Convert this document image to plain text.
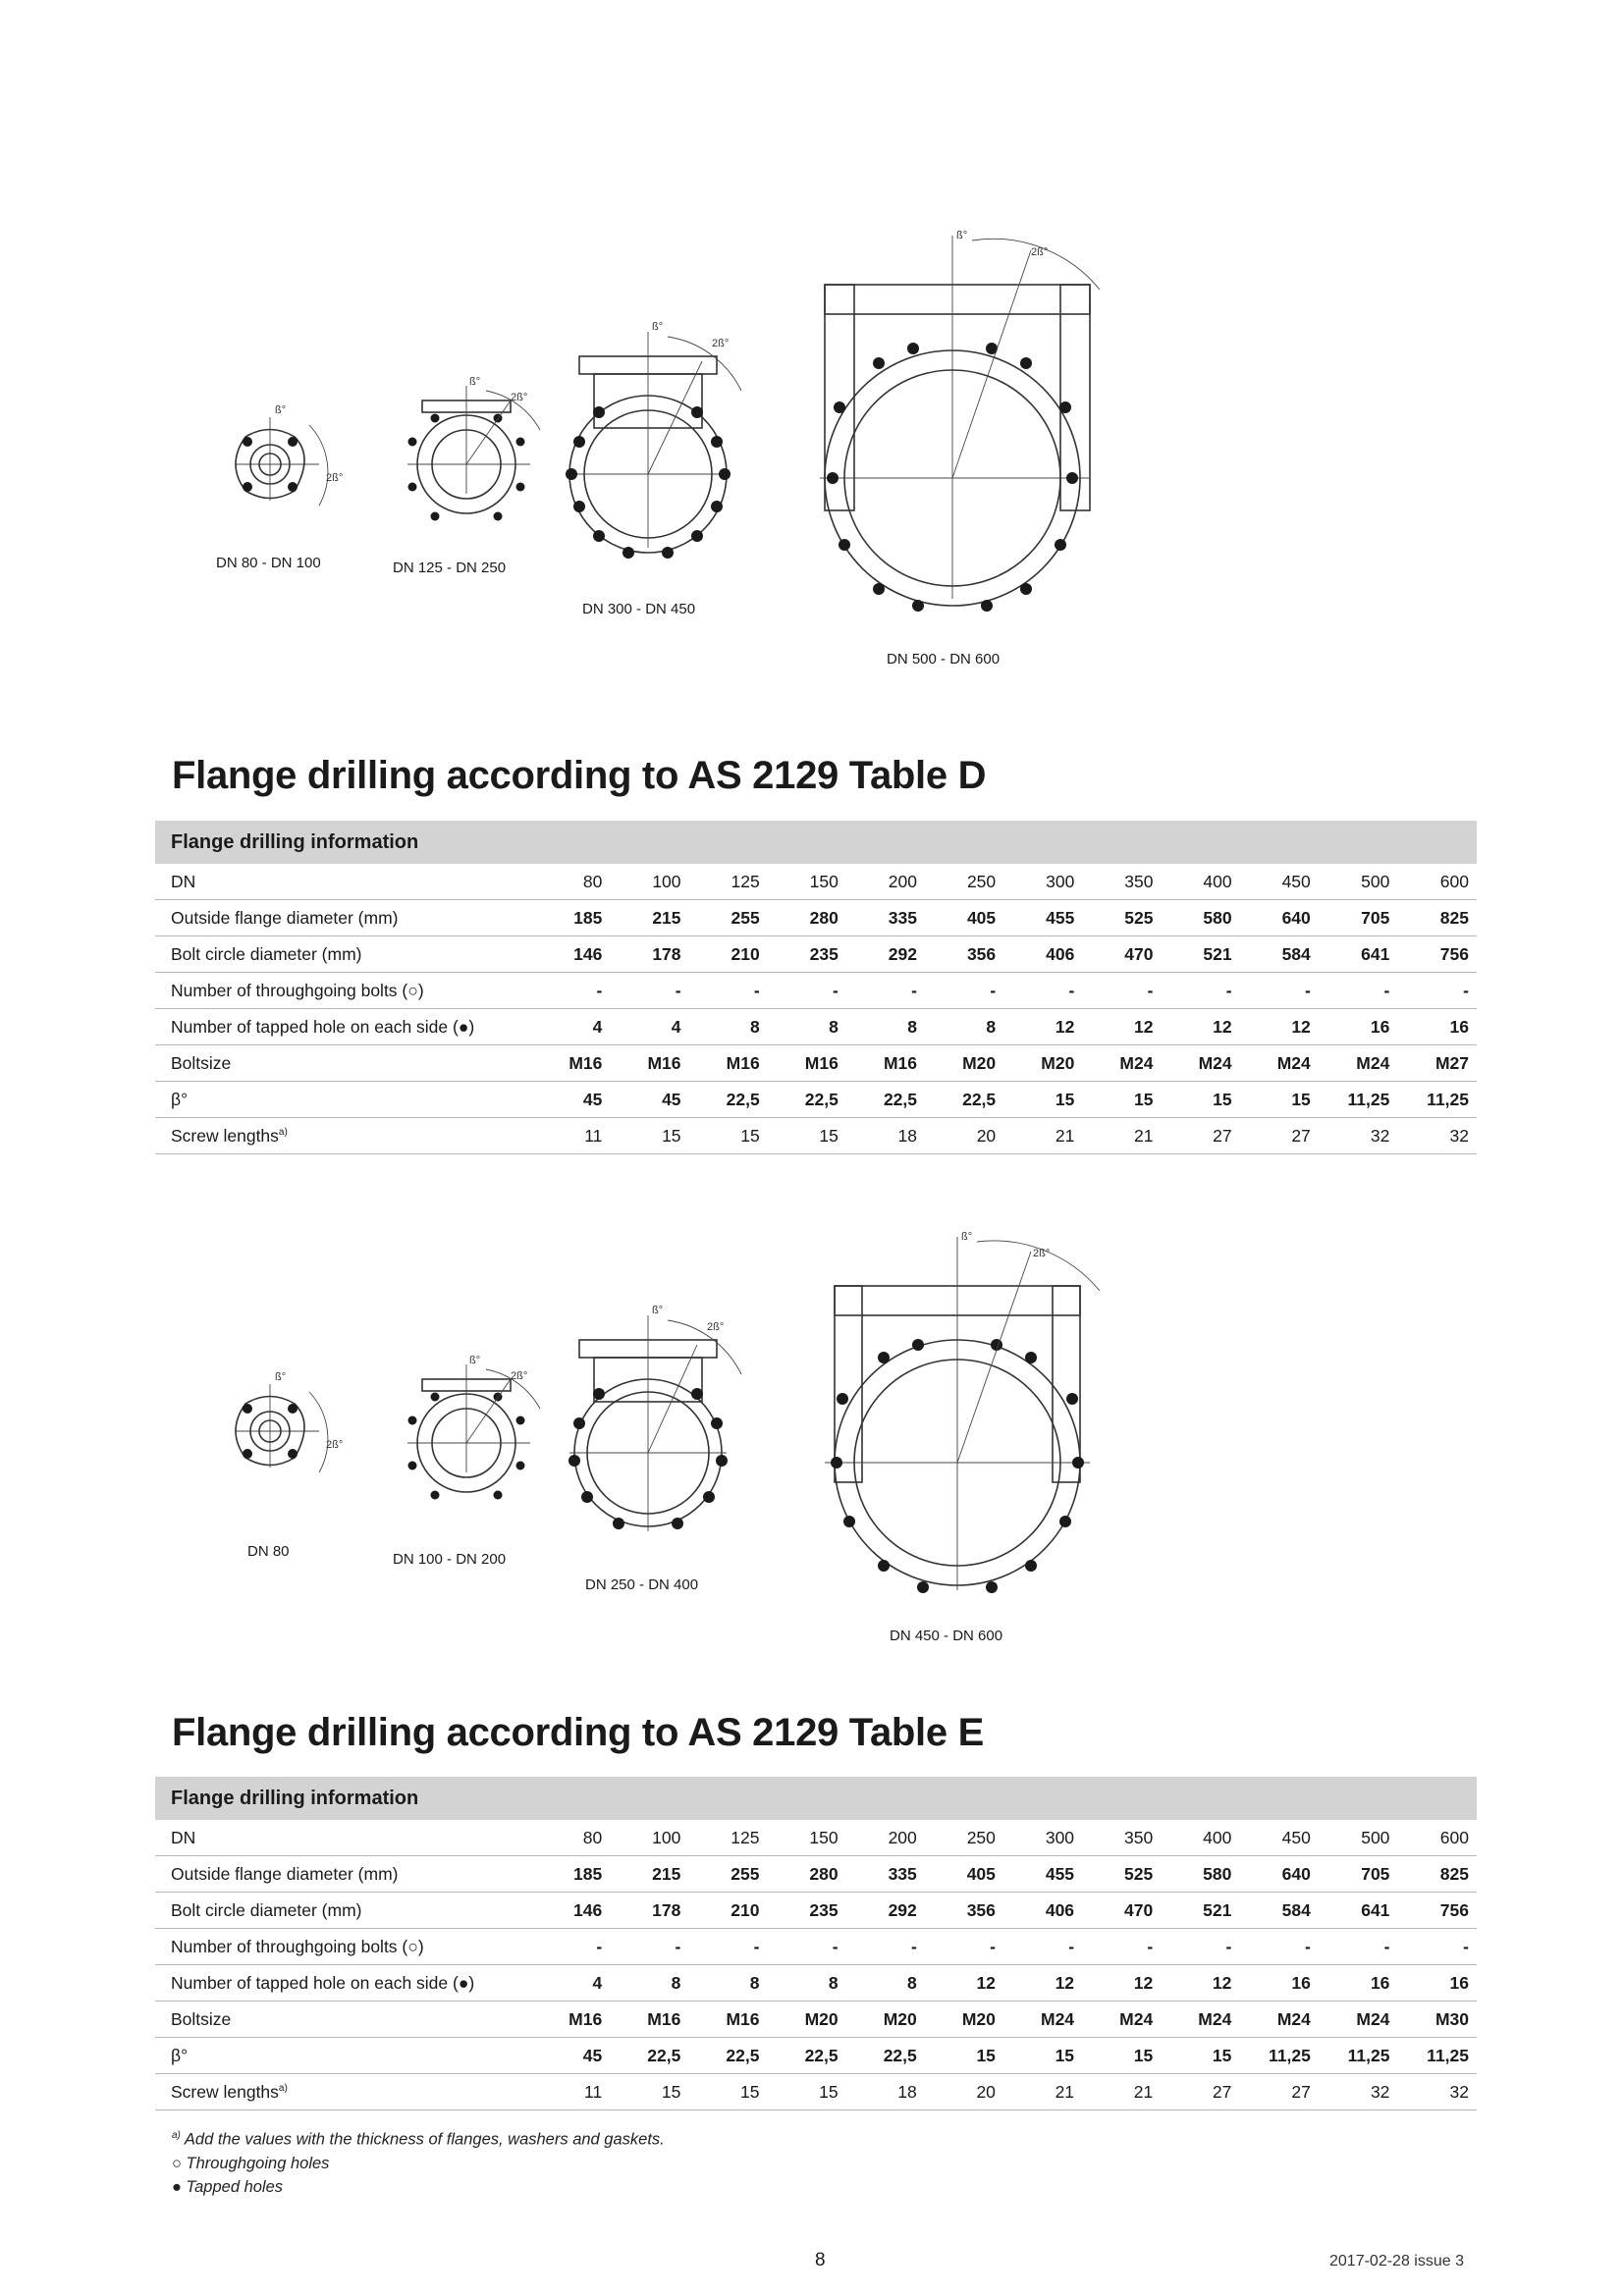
ß°
2ß°
DN 80 - DN 100
ß°
2ß°
DN 125 - DN 250
ß°
2ß°
DN 300 - DN 450
ß°
2ß°
DN 500 - DN 600
Flange drilling according to AS 2129 Table D
Flange drilling information												
DN	80	100	125	150	200	250	300	350	400	450	500	600
Outside flange diameter (mm)	185	215	255	280	335	405	455	525	580	640	705	825
Bolt circle diameter (mm)	146	178	210	235	292	356	406	470	521	584	641	756
Number of throughgoing bolts (○)	-	-	-	-	-	-	-	-	-	-	-	-
Number of tapped hole on each side (●)	4	4	8	8	8	8	12	12	12	12	16	16
Boltsize	M16	M16	M16	M16	M16	M20	M20	M24	M24	M24	M24	M27
β°	45	45	22,5	22,5	22,5	22,5	15	15	15	15	11,25	11,25
Screw lengths$^{a)}$	11	15	15	15	18	20	21	21	27	27	32	32
ß°
2ß°
DN 80
ß°
2ß°
DN 100 - DN 200
ß°
2ß°
DN 250 - DN 400
ß°
2ß°
DN 450 - DN 600
Flange drilling according to AS 2129 Table E
Flange drilling information												
DN	80	100	125	150	200	250	300	350	400	450	500	600
Outside flange diameter (mm)	185	215	255	280	335	405	455	525	580	640	705	825
Bolt circle diameter (mm)	146	178	210	235	292	356	406	470	521	584	641	756
Number of throughgoing bolts (○)	-	-	-	-	-	-	-	-	-	-	-	-
Number of tapped hole on each side (●)	4	8	8	8	8	12	12	12	12	16	16	16
Boltsize	M16	M16	M16	M20	M20	M20	M24	M24	M24	M24	M24	M30
β°	45	22,5	22,5	22,5	22,5	15	15	15	15	11,25	11,25	11,25
Screw lengths$^{a)}$	11	15	15	15	18	20	21	21	27	27	32	32
$^{a)}$ Add the values with the thickness of flanges, washers and gaskets.
○ Throughgoing holes
● Tapped holes
8	2017-02-28 issue 3
